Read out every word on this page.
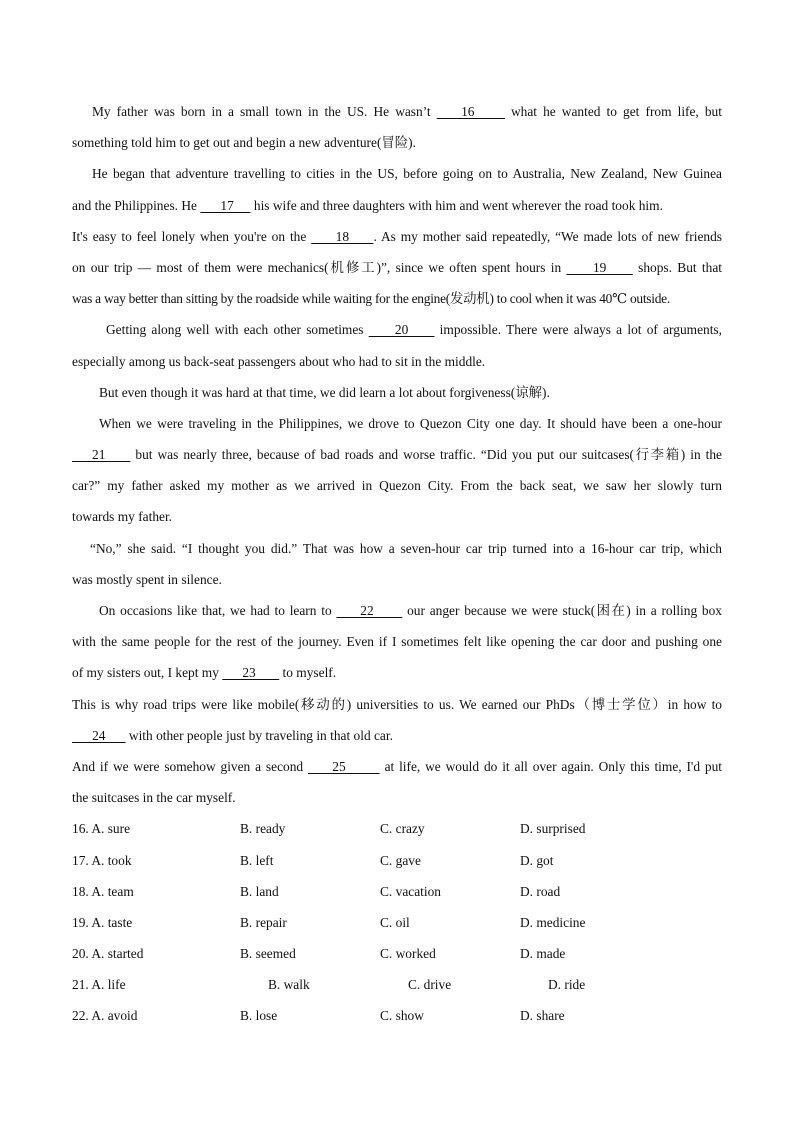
My father was born in a small town in the US. He wasn’t     16      what he wanted to get from life, but
something told him to get out and begin a new adventure(冒险).
He began that adventure travelling to cities in the US, before going on to Australia, New Zealand, New Guinea
and the Philippines. He       17      his wife and three daughters with him and went wherever the road took him.
It's easy to feel lonely when you're on the      18     . As my mother said repeatedly, “We made lots of new friends
on our trip — most of them were mechanics(机修工)”, since we often spent hours in      19      shops. But that
was a way better than sitting by the roadside while waiting for the engine(发动机) to cool when it was 40℃ outside.
Getting along well with each other sometimes      20      impossible. There were always a lot of arguments,
especially among us back-seat passengers about who had to sit in the middle.
But even though it was hard at that time, we did learn a lot about forgiveness(谅解).
When we were traveling in the Philippines, we drove to Quezon City one day. It should have been a one-hour
21      but was nearly three, because of bad roads and worse traffic. “Did you put our suitcases(行李箱) in the
car?” my father asked my mother as we arrived in Quezon City. From the back seat, we saw her slowly turn
towards my father.
“No,” she said. “I thought you did.” That was how a seven-hour car trip turned into a 16-hour car trip, which
was mostly spent in silence.
On occasions like that, we had to learn to      22       our anger because we were stuck(困在) in a rolling box
with the same people for the rest of the journey. Even if I sometimes felt like opening the car door and pushing one
of my sisters out, I kept my       23        to myself.
This is why road trips were like mobile(移动的) universities to us. We earned our PhDs（博士学位）in how to
24       with other people just by traveling in that old car.
And if we were somehow given a second      25        at life, we would do it all over again. Only this time, I'd put
the suitcases in the car myself.
16. A. sure	B. ready	C. crazy	D. surprised
17. A. took	B. left	C. gave	D. got
18. A. team	B. land	C. vacation	D. road
19. A. taste	B. repair	C. oil	D. medicine
20. A. started	B. seemed	C. worked	D. made
21. A. life	B. walk	C. drive	D. ride
22. A. avoid	B. lose	C. show	D. share
